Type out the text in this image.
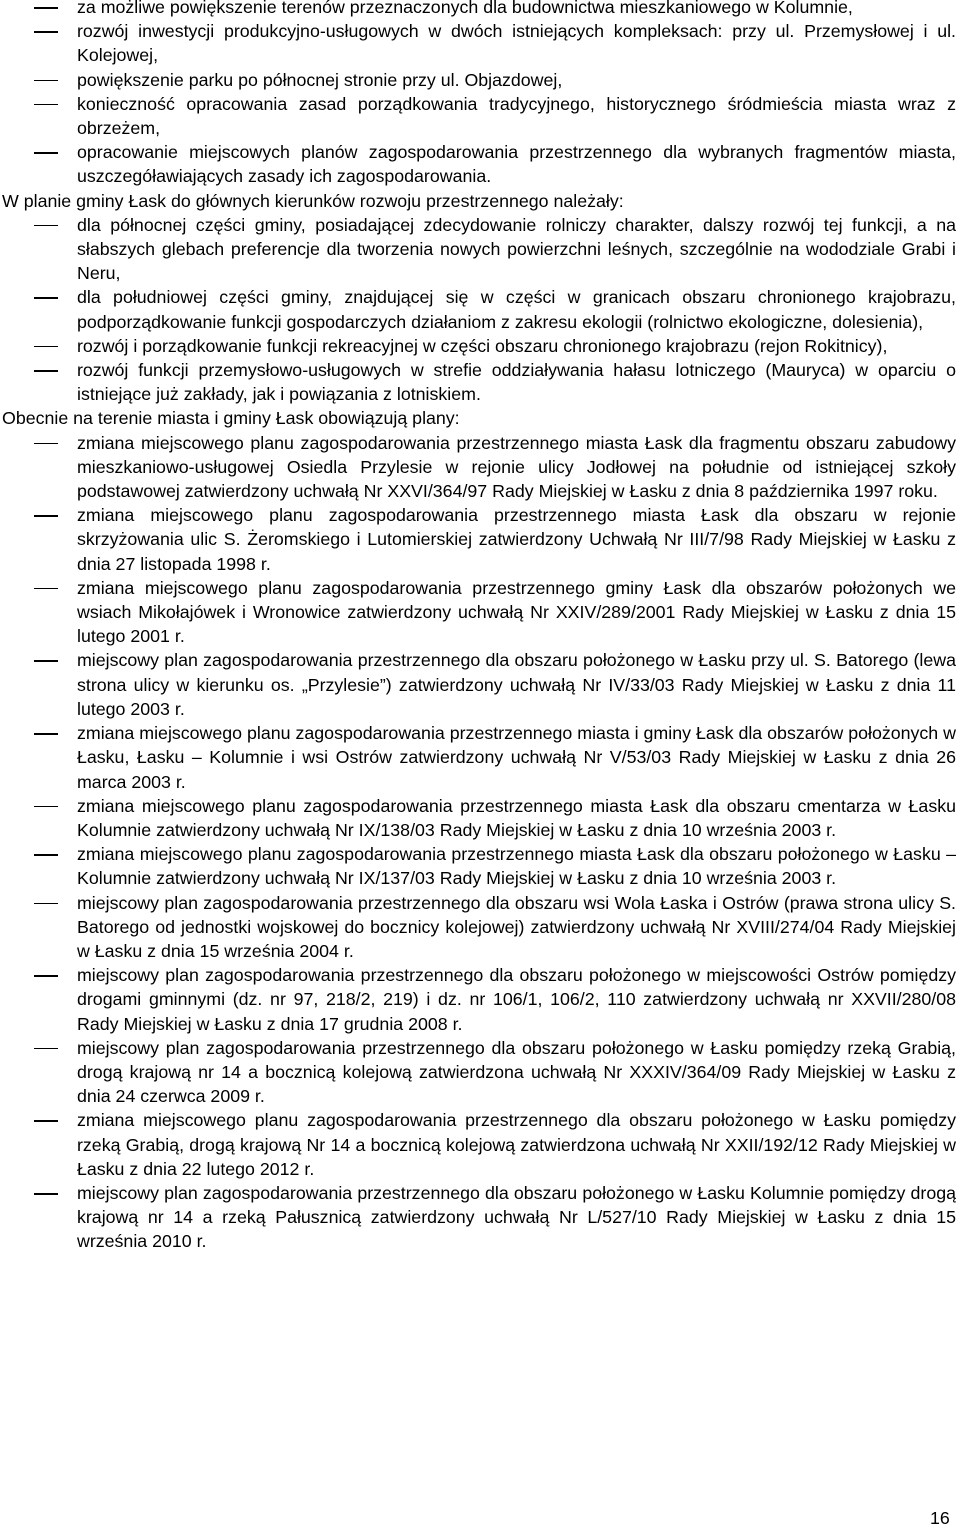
za możliwe powiększenie terenów przeznaczonych dla budownictwa mieszkaniowego w Kolumnie,
rozwój inwestycji produkcyjno-usługowych w dwóch istniejących kompleksach: przy ul. Przemysłowej i ul. Kolejowej,
powiększenie parku po północnej stronie przy ul. Objazdowej,
konieczność opracowania zasad porządkowania tradycyjnego, historycznego śródmieścia miasta wraz z obrzeżem,
opracowanie miejscowych planów zagospodarowania przestrzennego dla wybranych fragmentów miasta, uszczegóławiających zasady ich zagospodarowania.
W planie gminy Łask do głównych kierunków rozwoju przestrzennego należały:
dla północnej części gminy, posiadającej zdecydowanie rolniczy charakter, dalszy rozwój tej funkcji, a na słabszych glebach preferencje dla tworzenia nowych powierzchni leśnych, szczególnie na wododziale Grabi i Neru,
dla południowej części gminy, znajdującej się w części w granicach obszaru chronionego krajobrazu, podporządkowanie funkcji gospodarczych działaniom z zakresu ekologii (rolnictwo ekologiczne, dolesienia),
rozwój i porządkowanie funkcji rekreacyjnej w części obszaru chronionego krajobrazu (rejon Rokitnicy),
rozwój funkcji przemysłowo-usługowych w strefie oddziaływania hałasu lotniczego (Mauryca) w oparciu o istniejące już zakłady, jak i powiązania z lotniskiem.
Obecnie na terenie miasta i gminy Łask obowiązują plany:
zmiana miejscowego planu zagospodarowania przestrzennego miasta Łask dla fragmentu obszaru zabudowy mieszkaniowo-usługowej Osiedla Przylesie w rejonie ulicy Jodłowej na południe od istniejącej szkoły podstawowej zatwierdzony uchwałą Nr XXVI/364/97 Rady Miejskiej w Łasku z dnia 8 października 1997 roku.
zmiana miejscowego planu zagospodarowania przestrzennego miasta Łask dla obszaru w rejonie skrzyżowania ulic S. Żeromskiego i Lutomierskiej zatwierdzony Uchwałą Nr III/7/98 Rady Miejskiej w Łasku z dnia 27 listopada 1998 r.
zmiana miejscowego planu zagospodarowania przestrzennego gminy Łask dla obszarów położonych we wsiach Mikołajówek i Wronowice zatwierdzony uchwałą Nr XXIV/289/2001 Rady Miejskiej w Łasku z dnia 15 lutego 2001 r.
miejscowy plan zagospodarowania przestrzennego dla obszaru położonego w Łasku przy ul. S. Batorego (lewa strona ulicy w kierunku os. „Przylesie”) zatwierdzony uchwałą Nr IV/33/03 Rady Miejskiej w Łasku z dnia 11 lutego 2003 r.
zmiana miejscowego planu zagospodarowania przestrzennego miasta i gminy Łask dla obszarów położonych w Łasku, Łasku – Kolumnie i wsi Ostrów zatwierdzony uchwałą Nr V/53/03 Rady Miejskiej w Łasku z dnia 26 marca 2003 r.
zmiana miejscowego planu zagospodarowania przestrzennego miasta Łask dla obszaru cmentarza w Łasku Kolumnie zatwierdzony uchwałą Nr IX/138/03 Rady Miejskiej w Łasku z dnia 10 września 2003 r.
zmiana miejscowego planu zagospodarowania przestrzennego miasta Łask dla obszaru położonego w Łasku – Kolumnie zatwierdzony uchwałą Nr IX/137/03 Rady Miejskiej w Łasku z dnia 10 września 2003 r.
miejscowy plan zagospodarowania przestrzennego dla obszaru wsi Wola Łaska i Ostrów (prawa strona ulicy S. Batorego od jednostki wojskowej do bocznicy kolejowej) zatwierdzony uchwałą Nr XVIII/274/04 Rady Miejskiej w Łasku z dnia 15 września 2004 r.
miejscowy plan zagospodarowania przestrzennego dla obszaru położonego w miejscowości Ostrów pomiędzy drogami gminnymi (dz. nr 97, 218/2, 219) i dz. nr 106/1, 106/2, 110 zatwierdzony uchwałą nr XXVII/280/08 Rady Miejskiej w Łasku z dnia 17 grudnia 2008 r.
miejscowy plan zagospodarowania przestrzennego dla obszaru położonego w Łasku pomiędzy rzeką Grabią, drogą krajową nr 14 a bocznicą kolejową zatwierdzona uchwałą Nr XXXIV/364/09 Rady Miejskiej w Łasku z dnia 24 czerwca 2009 r.
zmiana miejscowego planu zagospodarowania przestrzennego dla obszaru położonego w Łasku pomiędzy rzeką Grabią, drogą krajową Nr 14 a bocznicą kolejową zatwierdzona uchwałą Nr XXII/192/12 Rady Miejskiej w Łasku z dnia 22 lutego 2012 r.
miejscowy plan zagospodarowania przestrzennego dla obszaru położonego w Łasku Kolumnie pomiędzy drogą krajową nr 14 a rzeką Pałusznicą zatwierdzony uchwałą Nr L/527/10 Rady Miejskiej w Łasku z dnia 15 września 2010 r.
16
